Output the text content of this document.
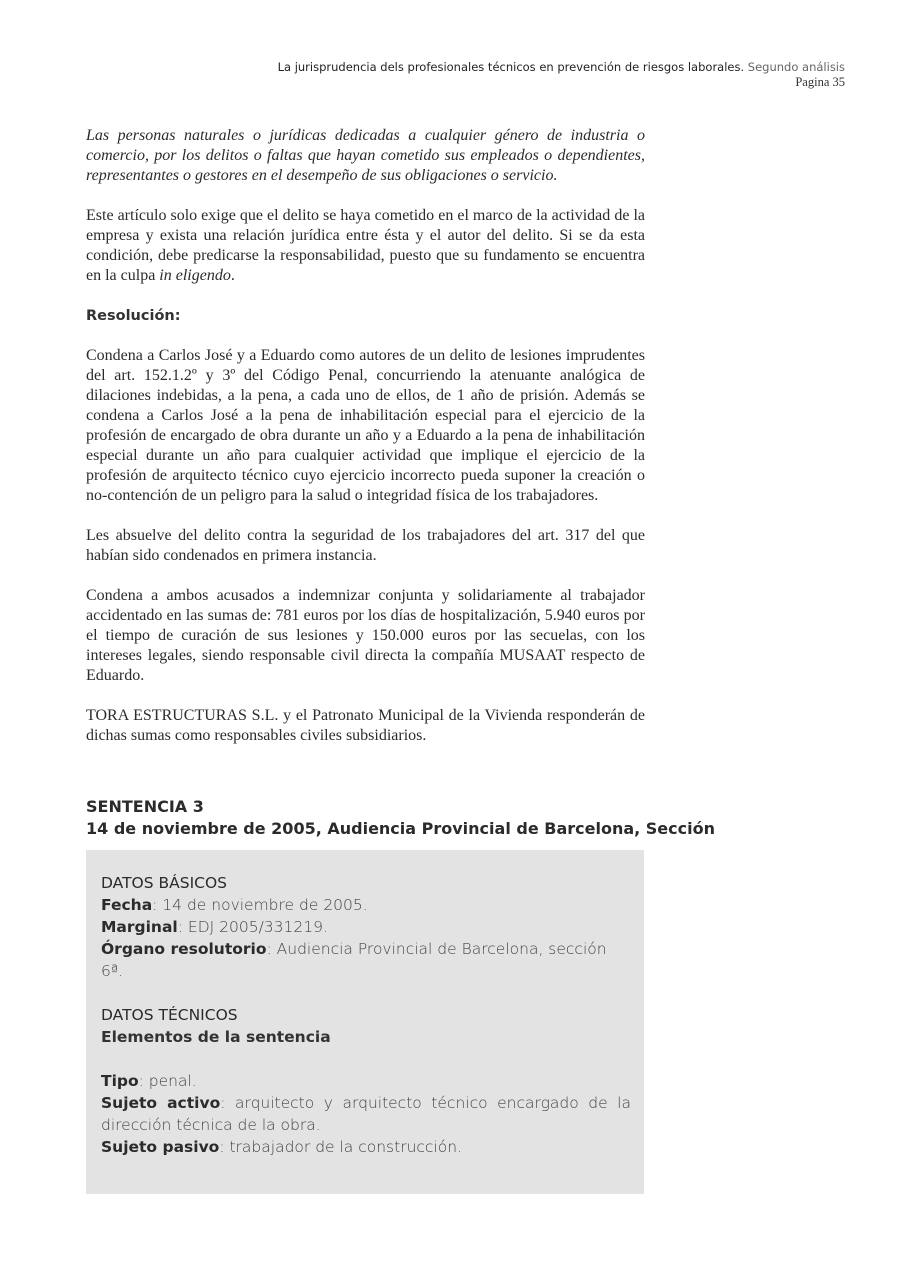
La jurisprudencia dels profesionales técnicos en prevención de riesgos laborales. Segundo análisis
Pagina 35

Las personas naturales o jurídicas dedicadas a cualquier género de industria o comercio, por los delitos o faltas que hayan cometido sus empleados o dependientes, representantes o gestores en el desempeño de sus obligaciones o servicio.

Este artículo solo exige que el delito se haya cometido en el marco de la actividad de la empresa y exista una relación jurídica entre ésta y el autor del delito. Si se da esta condición, debe predicarse la responsabilidad, puesto que su fundamento se encuentra en la culpa in eligendo.

Resolución:

Condena a Carlos José y a Eduardo como autores de un delito de lesiones imprudentes del art. 152.1.2º y 3º del Código Penal, concurriendo la atenuante analógica de dilaciones indebidas, a la pena, a cada uno de ellos, de 1 año de prisión. Además se condena a Carlos José a la pena de inhabilitación especial para el ejercicio de la profesión de encargado de obra durante un año y a Eduardo a la pena de inhabilitación especial durante un año para cualquier actividad que implique el ejercicio de la profesión de arquitecto técnico cuyo ejercicio incorrecto pueda suponer la creación o no-contención de un peligro para la salud o integridad física de los trabajadores.

Les absuelve del delito contra la seguridad de los trabajadores del art. 317 del que habían sido condenados en primera instancia.

Condena a ambos acusados a indemnizar conjunta y solidariamente al trabajador accidentado en las sumas de: 781 euros por los días de hospitalización, 5.940 euros por el tiempo de curación de sus lesiones y 150.000 euros por las secuelas, con los intereses legales, siendo responsable civil directa la compañía MUSAAT respecto de Eduardo.

TORA ESTRUCTURAS S.L. y el Patronato Municipal de la Vivienda responderán de dichas sumas como responsables civiles subsidiarios.

SENTENCIA 3
14 de noviembre de 2005, Audiencia Provincial de Barcelona, Sección
DATOS BÁSICOS
Fecha: 14 de noviembre de 2005.
Marginal: EDJ 2005/331219.
Órgano resolutorio: Audiencia Provincial de Barcelona, sección 6ª.
DATOS TÉCNICOS
Elementos de la sentencia
Tipo: penal.
Sujeto activo: arquitecto y arquitecto técnico encargado de la dirección técnica de la obra.
Sujeto pasivo: trabajador de la construcción.
